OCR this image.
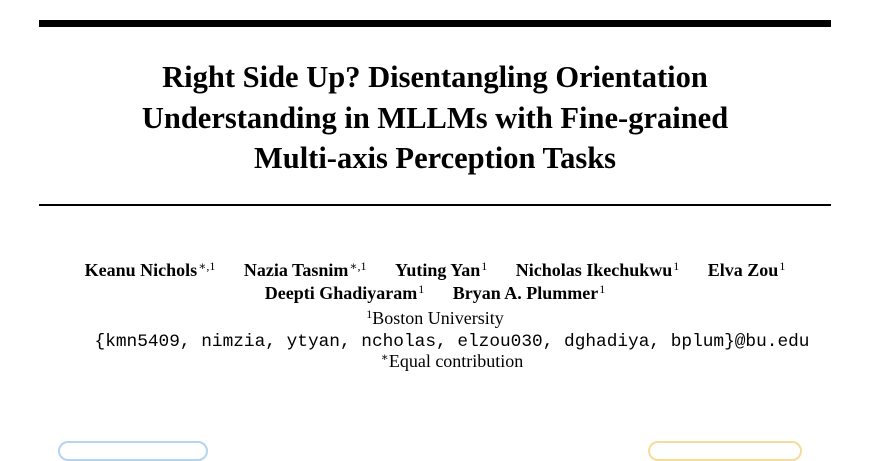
Right Side Up? Disentangling Orientation
Understanding in MLLMs with Fine-grained
Multi-axis Perception Tasks
Keanu Nichols$^{∗,1}$ Nazia Tasnim$^{∗,1}$ Yuting Yan$^1$ Nicholas Ikechukwu$^1$ Elva Zou$^1$
Deepti Ghadiyaram$^1$ Bryan A. Plummer$^1$
$^1$Boston University
{kmn5409, nimzia, ytyan, ncholas, elzou030, dghadiya, bplum}@bu.edu
∗Equal contribution
